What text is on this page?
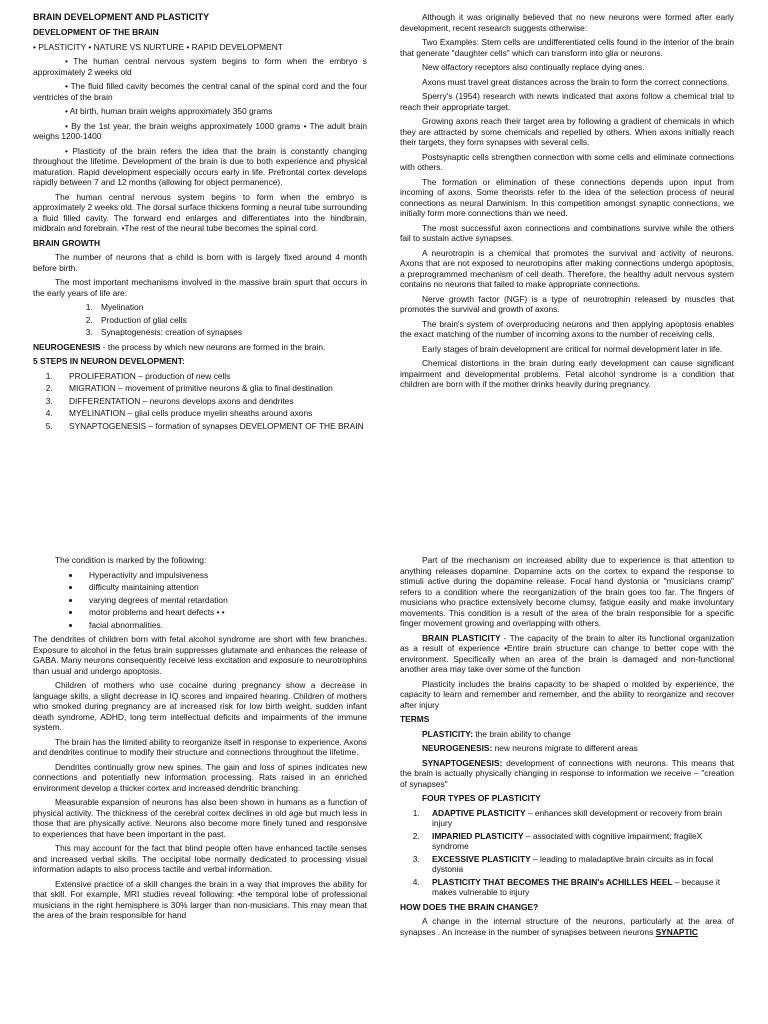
BRAIN DEVELOPMENT AND PLASTICITY

DEVELOPMENT OF THE BRAIN

• PLASTICITY • NATURE VS NURTURE • RAPID DEVELOPMENT

• The human central nervous system begins to form when the embryo s approximately 2 weeks old

• The fluid filled cavity becomes the central canal of the spinal cord and the four ventricles of the brain

• At birth, human brain weighs approximately 350 grams

• By the 1st year, the brain weighs approximately 1000 grams • The adult brain weighs 1200-1400

• Plasticity of the brain refers the idea that the brain is constantly changing throughout the lifetime. Development of the brain is due to both experience and physical maturation. Rapid development especially occurs early in life. Prefrontal cortex develops rapidly between 7 and 12 months (allowing for object permanence).

The human central nervous system begins to form when the embryo is approximately 2 weeks old. The dorsal surface thickens forming a neural tube surrounding a fluid filled cavity. The forward end enlarges and differentiates into the hindbrain, midbrain and forebrain. •The rest of the neural tube becomes the spinal cord.

BRAIN GROWTH

The number of neurons that a child is born with is largely fixed around 4 month before birth.

The most important mechanisms involved in the massive brain spurt that occurs in the early years of life are:

1. Myelination
2. Production of glial cells
3. Synaptogenesis: creation of synapses

NEUROGENESIS - the process by which new neurons are formed in the brain.

5 STEPS IN NEURON DEVELOPMENT:

1. PROLIFERATION – production of new cells
2. MIGRATION – movement of primitive neurons & glia to final destination
3. DIFFERENTATION – neurons develops axons and dendrites
4. MYELINATION – glial cells produce myelin sheaths around axons
5. SYNAPTOGENESIS – formation of synapses DEVELOPMENT OF THE BRAIN

Although it was originally believed that no new neurons were formed after early development, recent research suggests otherwise:

Two Examples: Stem cells are undifferentiated cells found in the interior of the brain that generate "daughter cells" which can transform into glia or neurons.

New olfactory receptors also continually replace dying ones.

Axons must travel great distances across the brain to form the correct connections.

Sperry's (1954) research with newts indicated that axons follow a chemical trial to reach their appropriate target.

Growing axons reach their target area by following a gradient of chemicals in which they are attracted by some chemicals and repelled by others. When axons initially reach their targets, they form synapses with several cells.

Postsynaptic cells strengthen connection with some cells and eliminate connections with others.

The formation or elimination of these connections depends upon input from incoming of axons. Some theorists refer to the idea of the selection process of neural connections as neural Darwinism. In this competition amongst synaptic connections, we initially form more connections than we need.

The most successful axon connections and combinations survive while the others fail to sustain active synapses.

A neurotropin is a chemical that promotes the survival and activity of neurons. Axons that are not exposed to neurotropins after making connections undergo apoptosis, a preprogrammed mechanism of cell death. Therefore, the healthy adult nervous system contains no neurons that failed to make appropriate connections.

Nerve growth factor (NGF) is a type of neurotrophin released by muscles that promotes the survival and growth of axons.

The brain's system of overproducing neurons and then applying apoptosis enables the exact matching of the number of incoming axons to the number of receiving cells.

Early stages of brain development are critical for normal development later in life.

Chemical distortions in the brain during early development can cause significant impairment and developmental problems. Fetal alcohol syndrome is a condition that children are born with if the mother drinks heavily during pregnancy.

The condition is marked by the following:

• Hyperactivity and impulsiveness
• difficulty maintaining attention
• varying degrees of mental retardation
• motor problems and heart defects • •
• facial abnormalities.

The dendrites of children born with fetal alcohol syndrome are short with few branches. Exposure to alcohol in the fetus brain suppresses glutamate and enhances the release of GABA. Many neurons consequently receive less excitation and exposure to neurotrophins than usual and undergo apoptosis.

Children of mothers who use cocaine during pregnancy show a decrease in language skills, a slight decrease in IQ scores and impaired hearing. Children of mothers who smoked during pregnancy are at increased risk for low birth weight, sudden infant death syndrome, ADHD, long term intellectual deficits and impairments of the immune system.

The brain has the limited ability to reorganize itself in response to experience. Axons and dendrites continue to modify their structure and connections throughout the lifetime.

Dendrites continually grow new spines. The gain and loss of spines indicates new connections and potentially new information processing. Rats raised in an enriched environment develop a thicker cortex and increased dendritic branching.

Measurable expansion of neurons has also been shown in humans as a function of physical activity. The thickness of the cerebral cortex declines in old age but much less in those that are physically active. Neurons also become more finely tuned and responsive to experiences that have been important in the past.

This may account for the fact that blind people often have enhanced tactile senses and increased verbal skills. The occipital lobe normally dedicated to processing visual information adapts to also process tactile and verbal information.

Extensive practice of a skill changes the brain in a way that improves the ability for that skill. For example, MRI studies reveal following: •the temporal lobe of professional musicians in the right hemisphere is 30% larger than non-musicians. This may mean that the area of the brain responsible for hand

Part of the mechanism on increased ability due to experience is that attention to anything releases dopamine. Dopamine acts on the cortex to expand the response to stimuli active during the dopamine release. Focal hand dystonia or "musicians cramp" refers to a condition where the reorganization of the brain goes too far. The fingers of musicians who practice extensively become clumsy, fatigue easily and make involuntary movements. This condition is a result of the area of the brain responsible for a specific finger movement growing and overlapping with others.

BRAIN PLASTICITY - The capacity of the brain to alter its functional organization as a result of experience •Entire brain structure can change to better cope with the environment. Specifically when an area of the brain is damaged and non-functional another area may take over some of the function

Plasticity includes the brains capacity to be shaped o molded by experience, the capacity to learn and remember and remember, and the ability to reorganize and recover after injury

TERMS

PLASTICITY: the brain ability to change

NEUROGENESIS: new neurons migrate to different areas

SYNAPTOGENESIS: development of connections with neurons. This means that the brain is actually physically changing in response to information we receive – "creation of synapses"

FOUR TYPES OF PLASTICITY

1. ADAPTIVE PLASTICITY – enhances skill development or recovery from brain injury
2. IMPARIED PLASTICITY – associated with cognitive impairment; fragileX syndrome
3. EXCESSIVE PLASTICITY – leading to maladaptive brain circuits as in focal dystonia
4. PLASTICITY THAT BECOMES THE BRAIN's ACHILLES HEEL – because it makes vulnerable to injury

HOW DOES THE BRAIN CHANGE?

A change in the internal structure of the neurons, particularly at the area of synapses . An increase in the number of synapses between neurons SYNAPTIC
